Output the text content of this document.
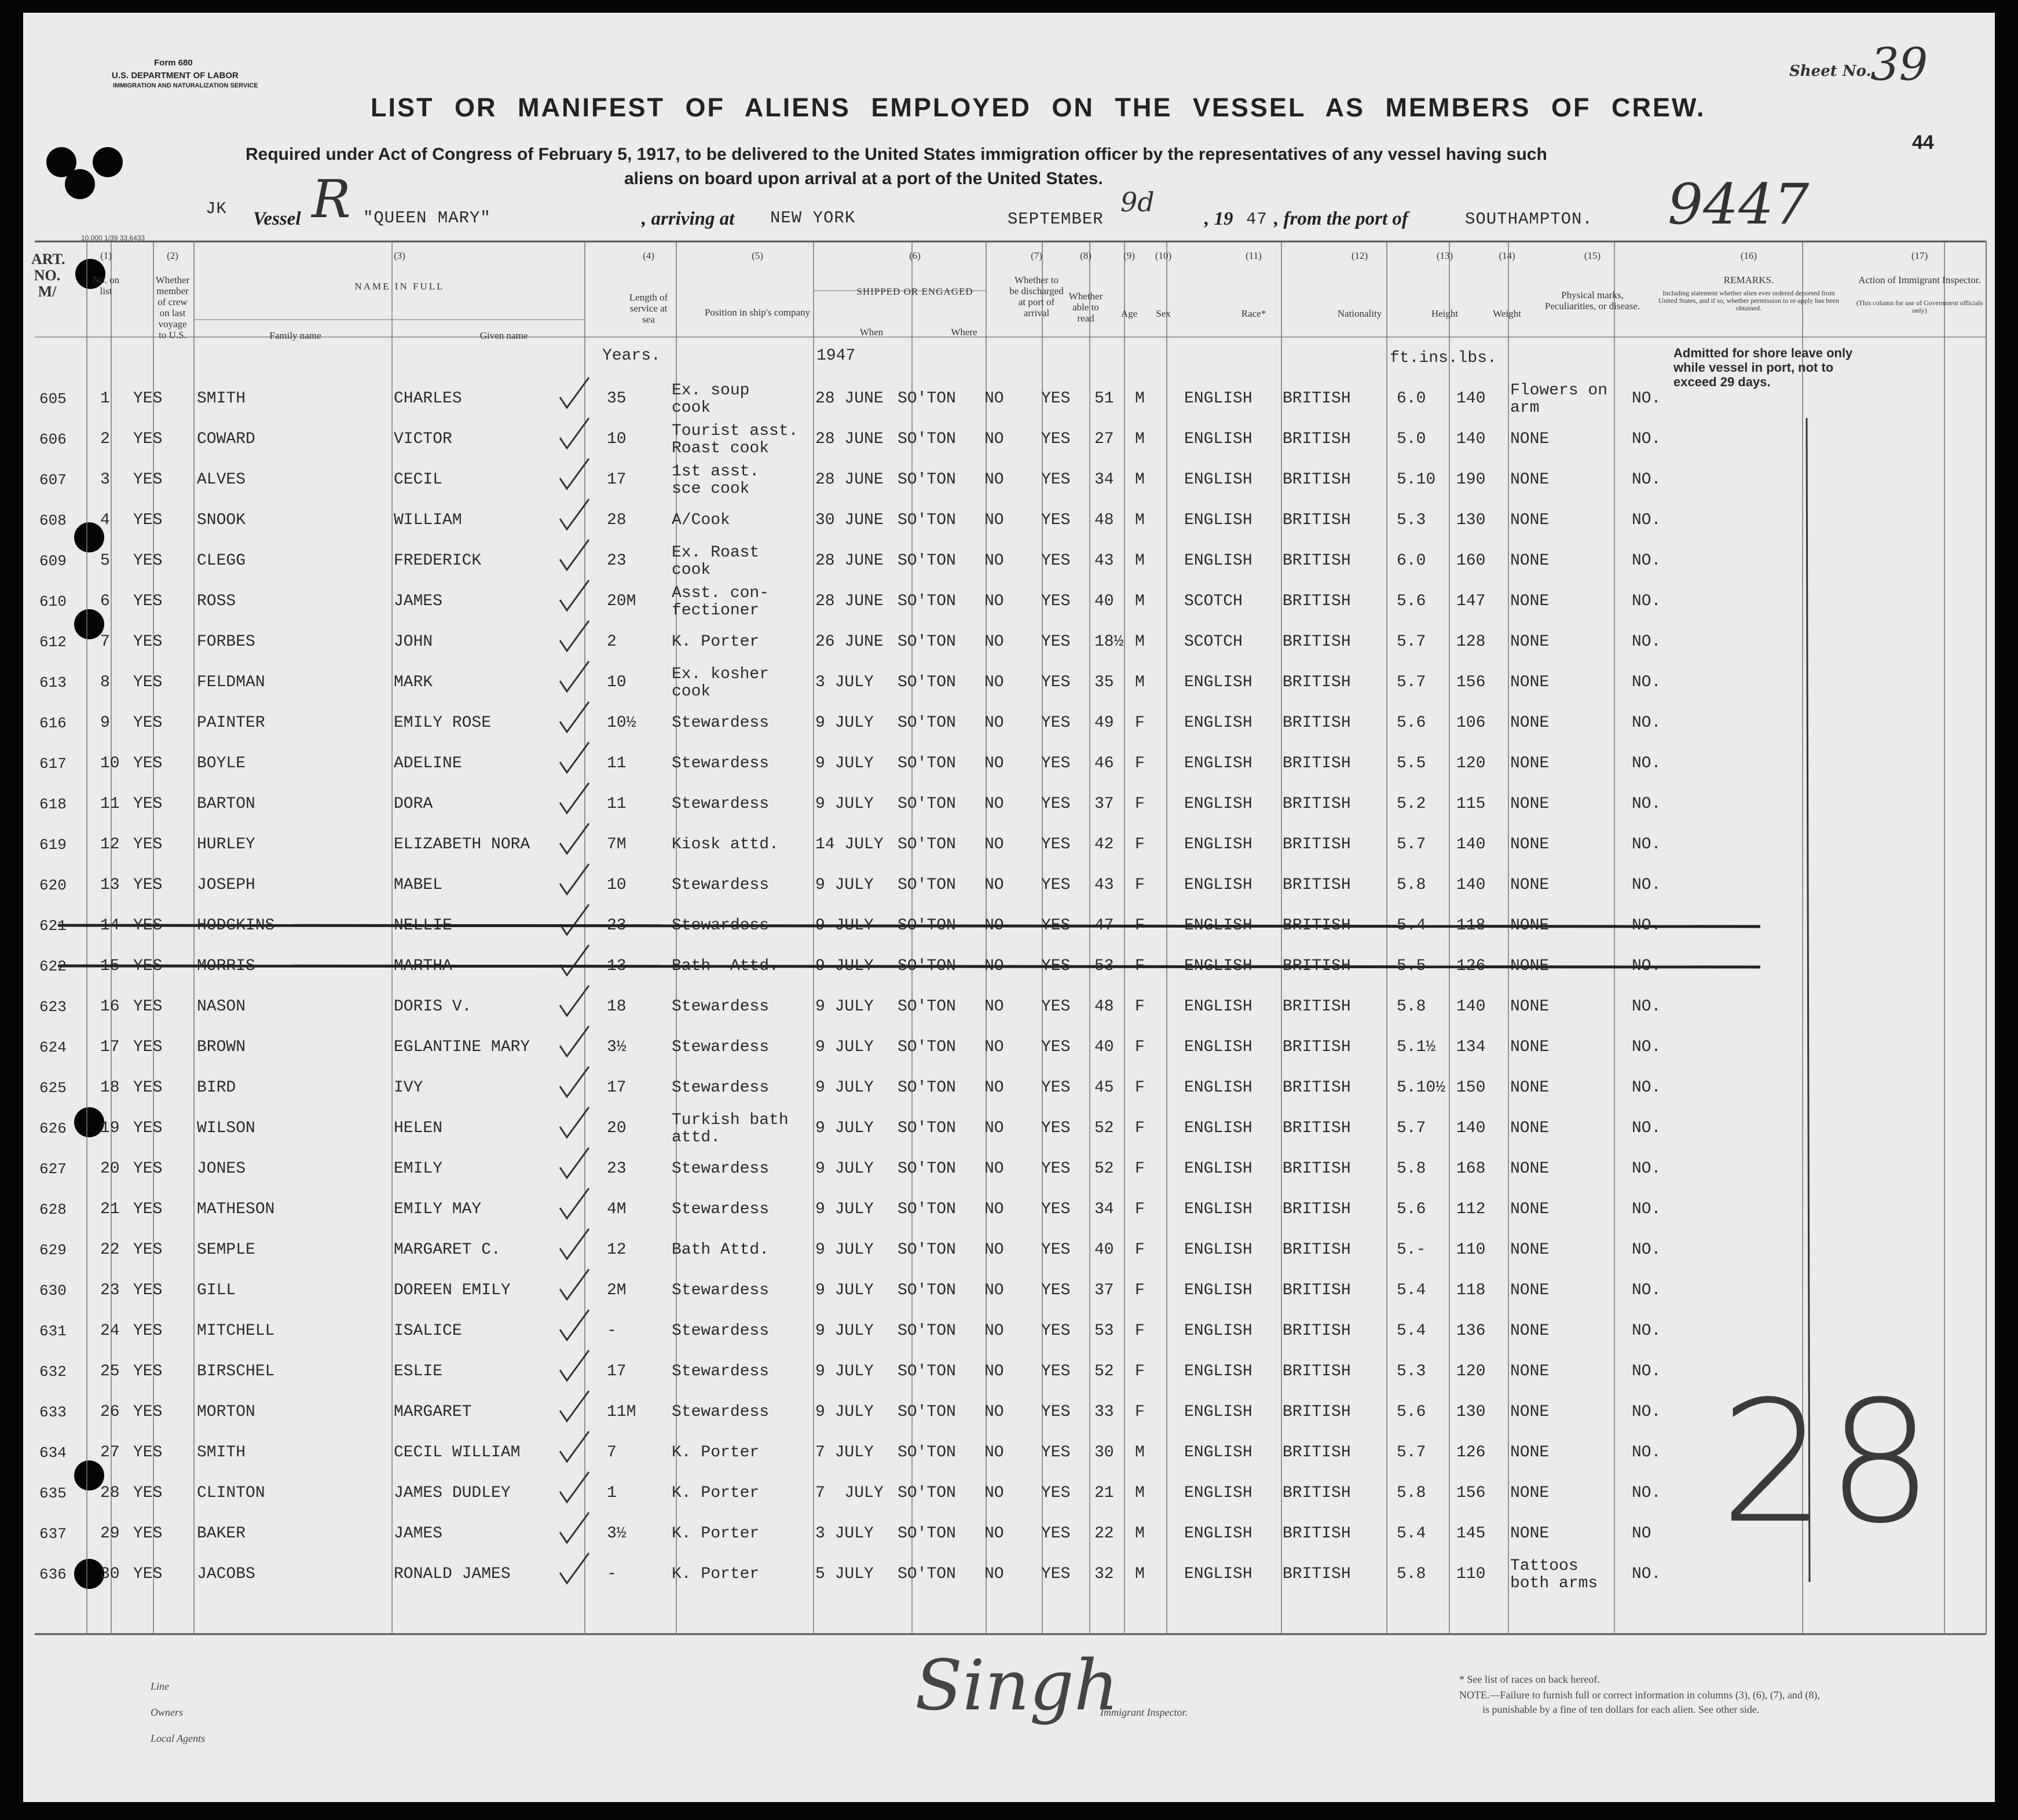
Form 680
U.S. DEPARTMENT OF LABOR
IMMIGRATION AND NATURALIZATION SERVICE
Sheet No.
39
44
LIST OR MANIFEST OF ALIENS EMPLOYED ON THE VESSEL AS MEMBERS OF CREW.
Required under Act of Congress of February 5, 1917, to be delivered to the United States immigration officer by the representatives of any vessel having such
aliens on board upon arrival at a port of the United States.
JK Vessel R "QUEEN MARY"	, arriving at NEW YORK	SEPTEMBER
9d
, 19 47 , from the port of	SOUTHAMPTON. 9447
10,000 1/39 33,6433
ART. NO. M/
(1)
No. on list
(2)
Whether member of crew on last voyage to U.S.
(3)
NAME IN FULL
Family name	Given name
(4)
Length of service at sea
(5)
Position in ship's company
(6)
SHIPPED OR ENGAGED
When	Where
(7)
Whether to be discharged at port of arrival
(8)
Whether able to read
(9)
Age
(10)
Sex
(11)
Race*
(12)
Nationality
(13)
Height
(14)
Weight
(15)
Physical marks, Peculiarities, or disease.
(16)
REMARKS.
Including statement whether alien ever ordered deported from United States, and if so, whether permission to re-apply has been obtained.
(17)
Action of Immigrant Inspector.
(This column for use of Government officials only)
Years.	1947	ft.ins.lbs.	Admitted for shore leave only while vessel in port, not to exceed 29 days.
605 1 YES SMITH	CHARLES	35	Ex. soup
cook
28 JUNE SO'TON NO YES 51 M ENGLISH BRITISH	6.0 140 Flowers on
arm
NO.
606 2 YES COWARD	VICTOR	10	Tourist asst.
Roast cook
28 JUNE SO'TON NO YES 27 M ENGLISH BRITISH	5.0 140 NONE	NO.
607 3 YES ALVES	CECIL	17	1st asst.
sce cook
28 JUNE SO'TON NO YES 34 M ENGLISH BRITISH	5.10 190 NONE	NO.
608 4 YES SNOOK	WILLIAM	28	A/Cook	30 JUNE SO'TON NO YES 48 M ENGLISH BRITISH	5.3 130 NONE	NO.
609 5 YES CLEGG	FREDERICK	23	Ex. Roast
cook
28 JUNE SO'TON NO YES 43 M ENGLISH BRITISH	6.0 160 NONE	NO.
610 6 YES ROSS	JAMES	20M Asst. con-
fectioner
28 JUNE SO'TON NO YES 40 M SCOTCH BRITISH	5.6 147 NONE	NO.
612 7 YES FORBES	JOHN	2	K. Porter	26 JUNE SO'TON NO YES 18½ M SCOTCH BRITISH	5.7 128 NONE	NO.
613 8 YES FELDMAN	MARK	10	Ex. kosher
cook
3 JULY SO'TON NO YES 35 M ENGLISH BRITISH	5.7 156 NONE	NO.
616 9 YES PAINTER	EMILY ROSE	10½ Stewardess	9 JULY SO'TON NO YES 49 F ENGLISH BRITISH	5.6 106 NONE	NO.
617 10 YES BOYLE	ADELINE	11	Stewardess	9 JULY SO'TON NO YES 46 F ENGLISH BRITISH	5.5 120 NONE	NO.
618 11 YES BARTON	DORA	11	Stewardess	9 JULY SO'TON NO YES 37 F ENGLISH BRITISH	5.2 115 NONE	NO.
619 12 YES HURLEY	ELIZABETH NORA	7M	Kiosk attd. 14 JULY SO'TON NO YES 42 F ENGLISH BRITISH	5.7 140 NONE	NO.
620 13 YES JOSEPH	MABEL	10	Stewardess	9 JULY SO'TON NO YES 43 F ENGLISH BRITISH	5.8 140 NONE	NO.
621 14 YES HODGKINS	NELLIE	23	Stewardess	9 JULY SO'TON NO YES 47 F ENGLISH BRITISH	5.4 118 NONE	NO.
622 15 YES MORRIS	MARTHA	13	Bath  Attd. 9 JULY SO'TON NO YES 53 F ENGLISH BRITISH	5.5 126 NONE	NO.
623 16 YES NASON	DORIS V.	18	Stewardess	9 JULY SO'TON NO YES 48 F ENGLISH BRITISH	5.8 140 NONE	NO.
624 17 YES BROWN	EGLANTINE MARY	3½	Stewardess	9 JULY SO'TON NO YES 40 F ENGLISH BRITISH	5.1½ 134 NONE	NO.
625 18 YES BIRD	IVY	17	Stewardess	9 JULY SO'TON NO YES 45 F ENGLISH BRITISH	5.10½ 150 NONE	NO.
626 19 YES WILSON	HELEN	20	Turkish bath
attd.
9 JULY SO'TON NO YES 52 F ENGLISH BRITISH	5.7 140 NONE	NO.
627 20 YES JONES	EMILY	23	Stewardess	9 JULY SO'TON NO YES 52 F ENGLISH BRITISH	5.8 168 NONE	NO.
628 21 YES MATHESON	EMILY MAY	4M	Stewardess	9 JULY SO'TON NO YES 34 F ENGLISH BRITISH	5.6 112 NONE	NO.
629 22 YES SEMPLE	MARGARET C.	12	Bath Attd.	9 JULY SO'TON NO YES 40 F ENGLISH BRITISH	5.- 110 NONE	NO.
630 23 YES GILL	DOREEN EMILY	2M	Stewardess	9 JULY SO'TON NO YES 37 F ENGLISH BRITISH	5.4 118 NONE	NO.
631 24 YES MITCHELL	ISALICE	-	Stewardess	9 JULY SO'TON NO YES 53 F ENGLISH BRITISH	5.4 136 NONE	NO.
632 25 YES BIRSCHEL	ESLIE	17	Stewardess	9 JULY SO'TON NO YES 52 F ENGLISH BRITISH	5.3 120 NONE	NO.
633 26 YES MORTON	MARGARET	11M Stewardess	9 JULY SO'TON NO YES 33 F ENGLISH BRITISH	5.6 130 NONE	NO.
634 27 YES SMITH	CECIL WILLIAM	7	K. Porter	7 JULY SO'TON NO YES 30 M ENGLISH BRITISH	5.7 126 NONE	NO.
635 28 YES CLINTON	JAMES DUDLEY	1	K. Porter	7  JULY SO'TON NO YES 21 M ENGLISH BRITISH	5.8 156 NONE	NO.
637 29 YES BAKER	JAMES	3½	K. Porter	3 JULY SO'TON NO YES 22 M ENGLISH BRITISH	5.4 145 NONE	NO
636 30 YES JACOBS	RONALD JAMES	-	K. Porter	5 JULY SO'TON NO YES 32 M ENGLISH BRITISH	5.8 110 Tattoos
both arms
NO.
28
Line
Owners
Local Agents
Singh
Immigrant Inspector.
* See list of races on back hereof.
NOTE.—Failure to furnish full or correct information in columns (3), (6), (7), and (8),
is punishable by a fine of ten dollars for each alien. See other side.
